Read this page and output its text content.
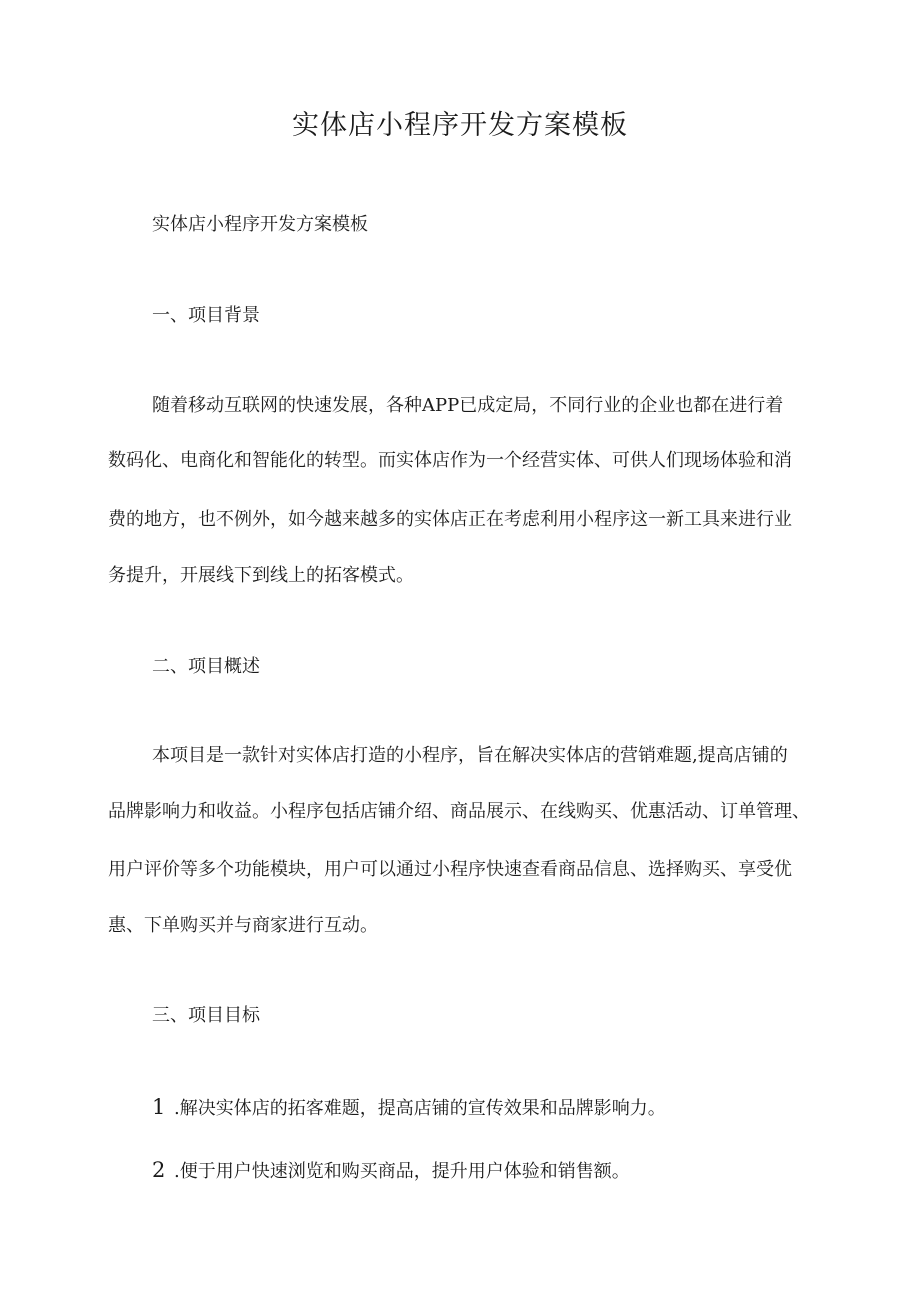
实体店小程序开发方案模板
实体店小程序开发方案模板
一、项目背景
随着移动互联网的快速发展，各种APP已成定局，不同行业的企业也都在进行着
数码化、电商化和智能化的转型。而实体店作为一个经营实体、可供人们现场体验和消
费的地方，也不例外，如今越来越多的实体店正在考虑利用小程序这一新工具来进行业
务提升，开展线下到线上的拓客模式。
二、项目概述
本项目是一款针对实体店打造的小程序，旨在解决实体店的营销难题,提高店铺的
品牌影响力和收益。小程序包括店铺介绍、商品展示、在线购买、优惠活动、订单管理、
用户评价等多个功能模块，用户可以通过小程序快速查看商品信息、选择购买、享受优
惠、下单购买并与商家进行互动。
三、项目目标
1 .解决实体店的拓客难题，提高店铺的宣传效果和品牌影响力。
2 .便于用户快速浏览和购买商品，提升用户体验和销售额。
